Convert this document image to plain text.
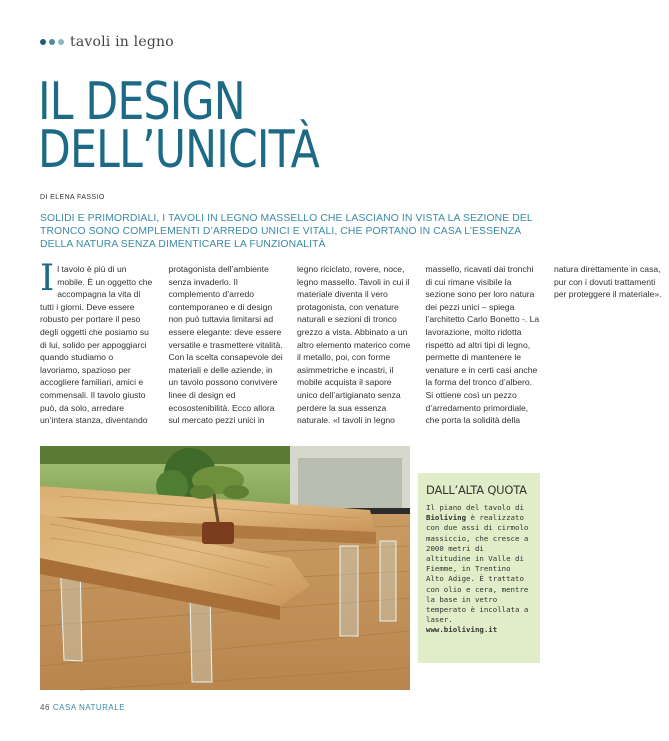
tavoli in legno
IL DESIGN
DELL’UNICITÀ
DI ELENA FASSIO
SOLIDI E PRIMORDIALI, I TAVOLI IN LEGNO MASSELLO CHE LASCIANO IN VISTA LA SEZIONE DEL TRONCO SONO COMPLEMENTI D’ARREDO UNICI E VITALI, CHE PORTANO IN CASA L’ESSENZA DELLA NATURA SENZA DIMENTICARE LA FUNZIONALITÀ

Il tavolo è più di un mobile. È un oggetto che accompagna la vita di tutti i giorni. Deve essere robusto per portare il peso degli oggetti che posiamo su di lui, solido per appoggiarci quando studiamo o lavoriamo, spazioso per accogliere familiari, amici e commensali. Il tavolo giusto può, da solo, arredare un’intera stanza, diventando protagonista dell’ambiente senza invaderlo. Il complemento d’arredo contemporaneo e di design non può tuttavia limitarsi ad essere elegante: deve essere versatile e trasmettere vitalità. Con la scelta consapevole dei materiali e delle aziende, in un tavolo possono convivere linee di design ed ecosostenibilità. Ecco allora sul mercato pezzi unici in legno riciclato, rovere, noce, legno massello. Tavoli in cui il materiale diventa il vero protagonista, con venature naturali e sezioni di tronco grezzo a vista. Abbinato a un altro elemento materico come il metallo, poi, con forme asimmetriche e incastri, il mobile acquista il sapore unico dell’artigianato senza perdere la sua essenza naturale. «I tavoli in legno massello, ricavati dai tronchi di cui rimane visibile la sezione sono per loro natura dei pezzi unici – spiega l’architetto Carlo Bonetto -. La lavorazione, molto ridotta rispetto ad altri tipi di legno, permette di mantenere le venature e in certi casi anche la forma del tronco d’albero. Si ottiene così un pezzo d’arredamento primordiale, che porta la solidità della natura direttamente in casa, pur con i dovuti trattamenti per proteggere il materiale».

DALL’ALTA QUOTA
Il piano del tavolo di Bioliving è realizzato con due assi di cirmolo massiccio, che cresce a 2000 metri di altitudine in Valle di Fiemme, in Trentino Alto Adige. È trattato con olio e cera, mentre la base in vetro temperato è incollata a laser.
www.bioliving.it
46 CASA NATURALE
